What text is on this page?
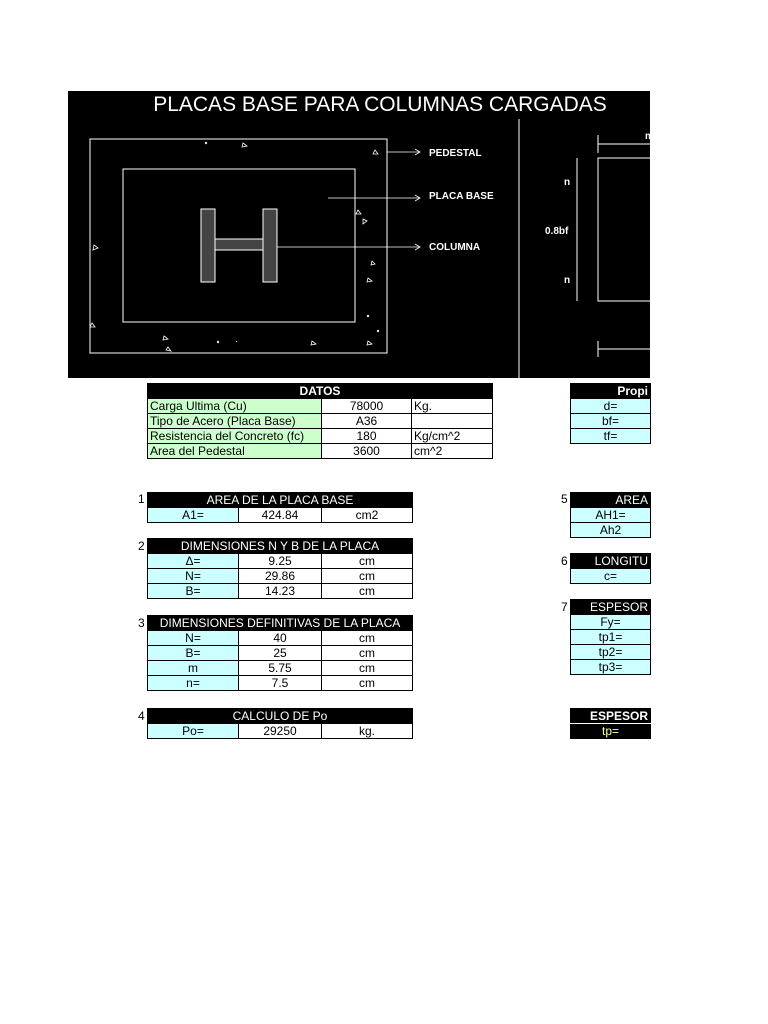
PLACAS BASE PARA COLUMNAS CARGADAS
PEDESTAL
PLACA BASE
COLUMNA
n
0.8bf
n
m
DATOS		
Carga Ultima (Cu)	78000	Kg.
Tipo de Acero (Placa Base)	A36	
Resistencia del Concreto (fc)	180	Kg/cm^2
Area del Pedestal	3600	cm^2
Propi
d=
bf=
tf=
1	AREA DE LA PLACA BASE
A1=	424.84	cm2
2	DIMENSIONES N Y B DE LA PLACA		
Δ=	9.25	cm
N=	29.86	cm
B=	14.23	cm
3 DIMENSIONES DEFINITIVAS DE LA PLACA		
N=	40	cm
B=	25	cm
m	5.75	cm
n=	7.5	cm
4	CALCULO DE Po
Po=	29250	kg.
5	AREA
AH1=
Ah2
6 LONGITU
c=
7 ESPESOR
Fy=
tp1=
tp2=
tp3=
ESPESOR
tp=
